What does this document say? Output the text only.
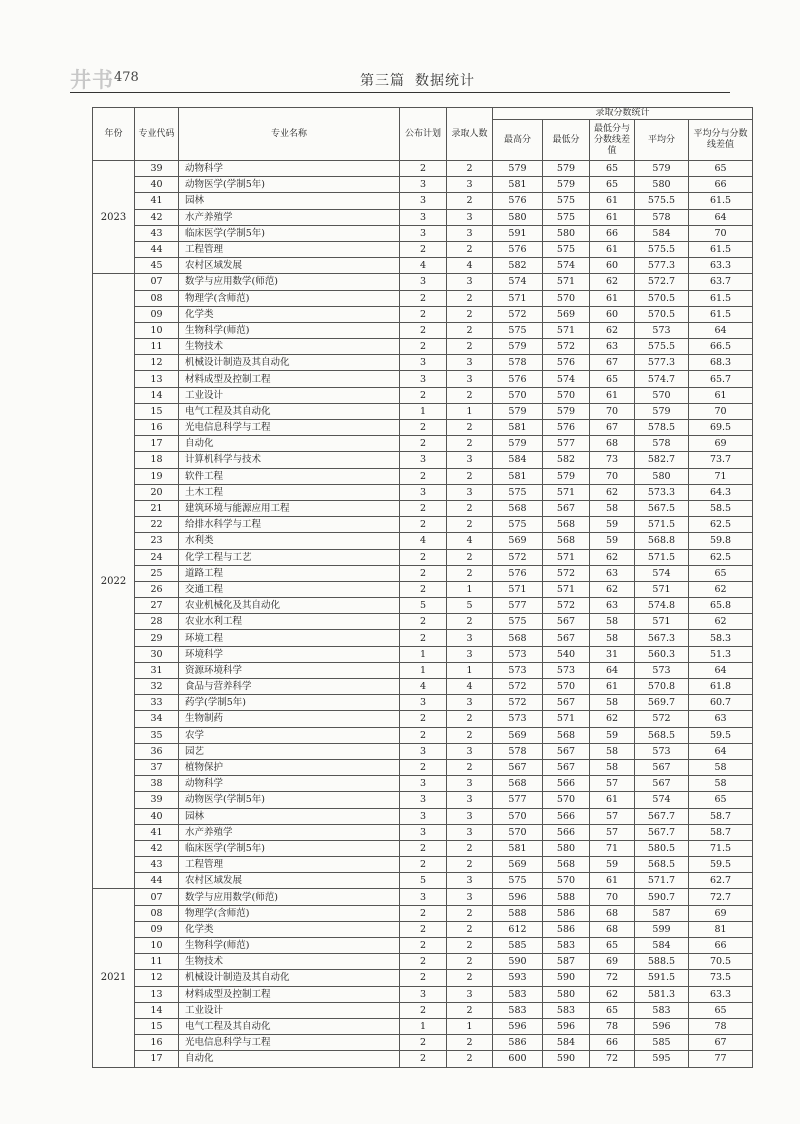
井书 478	第三篇 数据统计
年份	专业代码	专业名称	公布计划	录取人数	录取分数统计				
					最高分	最低分	最低分与分数线差值	平均分	平均分与分数线差值
2023	39	动物科学	2	2	579	579	65	579	65
	40	动物医学(学制5年)	3	3	581	579	65	580	66
	41	园林	3	2	576	575	61	575.5	61.5
	42	水产养殖学	3	3	580	575	61	578	64
	43	临床医学(学制5年)	3	3	591	580	66	584	70
	44	工程管理	2	2	576	575	61	575.5	61.5
	45	农村区域发展	4	4	582	574	60	577.3	63.3
2022	07	数学与应用数学(师范)	3	3	574	571	62	572.7	63.7
	08	物理学(含师范)	2	2	571	570	61	570.5	61.5
	09	化学类	2	2	572	569	60	570.5	61.5
	10	生物科学(师范)	2	2	575	571	62	573	64
	11	生物技术	2	2	579	572	63	575.5	66.5
	12	机械设计制造及其自动化	3	3	578	576	67	577.3	68.3
	13	材料成型及控制工程	3	3	576	574	65	574.7	65.7
	14	工业设计	2	2	570	570	61	570	61
	15	电气工程及其自动化	1	1	579	579	70	579	70
	16	光电信息科学与工程	2	2	581	576	67	578.5	69.5
	17	自动化	2	2	579	577	68	578	69
	18	计算机科学与技术	3	3	584	582	73	582.7	73.7
	19	软件工程	2	2	581	579	70	580	71
	20	土木工程	3	3	575	571	62	573.3	64.3
	21	建筑环境与能源应用工程	2	2	568	567	58	567.5	58.5
	22	给排水科学与工程	2	2	575	568	59	571.5	62.5
	23	水利类	4	4	569	568	59	568.8	59.8
	24	化学工程与工艺	2	2	572	571	62	571.5	62.5
	25	道路工程	2	2	576	572	63	574	65
	26	交通工程	2	1	571	571	62	571	62
	27	农业机械化及其自动化	5	5	577	572	63	574.8	65.8
	28	农业水利工程	2	2	575	567	58	571	62
	29	环境工程	2	3	568	567	58	567.3	58.3
	30	环境科学	1	3	573	540	31	560.3	51.3
	31	资源环境科学	1	1	573	573	64	573	64
	32	食品与营养科学	4	4	572	570	61	570.8	61.8
	33	药学(学制5年)	3	3	572	567	58	569.7	60.7
	34	生物制药	2	2	573	571	62	572	63
	35	农学	2	2	569	568	59	568.5	59.5
	36	园艺	3	3	578	567	58	573	64
	37	植物保护	2	2	567	567	58	567	58
	38	动物科学	3	3	568	566	57	567	58
	39	动物医学(学制5年)	3	3	577	570	61	574	65
	40	园林	3	3	570	566	57	567.7	58.7
	41	水产养殖学	3	3	570	566	57	567.7	58.7
	42	临床医学(学制5年)	2	2	581	580	71	580.5	71.5
	43	工程管理	2	2	569	568	59	568.5	59.5
	44	农村区域发展	5	3	575	570	61	571.7	62.7
2021	07	数学与应用数学(师范)	3	3	596	588	70	590.7	72.7
	08	物理学(含师范)	2	2	588	586	68	587	69
	09	化学类	2	2	612	586	68	599	81
	10	生物科学(师范)	2	2	585	583	65	584	66
	11	生物技术	2	2	590	587	69	588.5	70.5
	12	机械设计制造及其自动化	2	2	593	590	72	591.5	73.5
	13	材料成型及控制工程	3	3	583	580	62	581.3	63.3
	14	工业设计	2	2	583	583	65	583	65
	15	电气工程及其自动化	1	1	596	596	78	596	78
	16	光电信息科学与工程	2	2	586	584	66	585	67
	17	自动化	2	2	600	590	72	595	77
